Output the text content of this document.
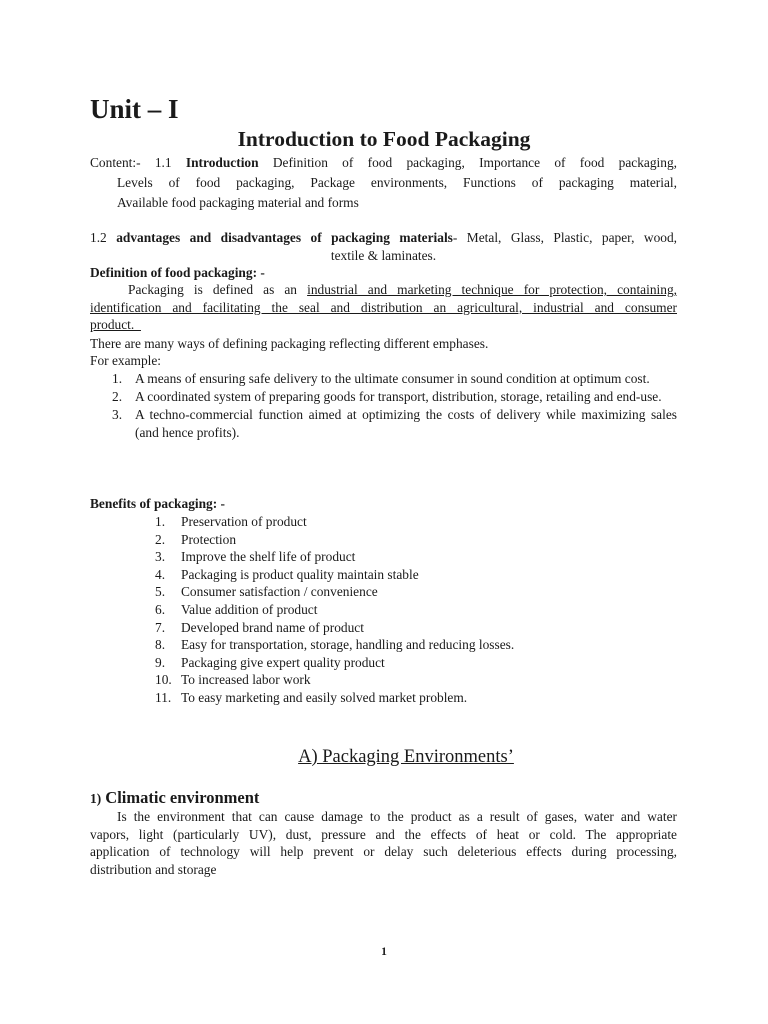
Unit – I
Introduction to Food Packaging

Content:- 1.1 Introduction Definition of food packaging, Importance of food packaging,

Levels of food packaging, Package environments, Functions of packaging material,

Available food packaging material and forms

1.2 advantages and disadvantages of packaging materials- Metal, Glass, Plastic, paper, wood,

textile & laminates.

Definition of food packaging: -

Packaging is defined as an industrial and marketing technique for protection, containing,

identification and facilitating the seal and distribution an agricultural, industrial and consumer

product.

There are many ways of defining packaging reflecting different emphases.
For example:
1. A means of ensuring safe delivery to the ultimate consumer in sound condition at optimum cost.
2. A coordinated system of preparing goods for transport, distribution, storage, retailing and end-use.
3. A techno-commercial function aimed at optimizing the costs of delivery while maximizing sales (and hence profits).
Benefits of packaging: -
1.	Preservation of product
2.	Protection
3.	Improve the shelf life of product
4.	Packaging is product quality maintain stable
5.	Consumer satisfaction / convenience
6.	Value addition of product
7.	Developed brand name of product
8.	Easy for transportation, storage, handling and reducing losses.
9.	Packaging give expert quality product
10. To increased labor work
11. To easy marketing and easily solved market problem.
A) Packaging Environments’
1) Climatic environment

Is the environment that can cause damage to the product as a result of gases, water and water

vapors, light (particularly UV), dust, pressure and the effects of heat or cold. The appropriate

application of technology will help prevent or delay such deleterious effects during processing,

distribution and storage

1
